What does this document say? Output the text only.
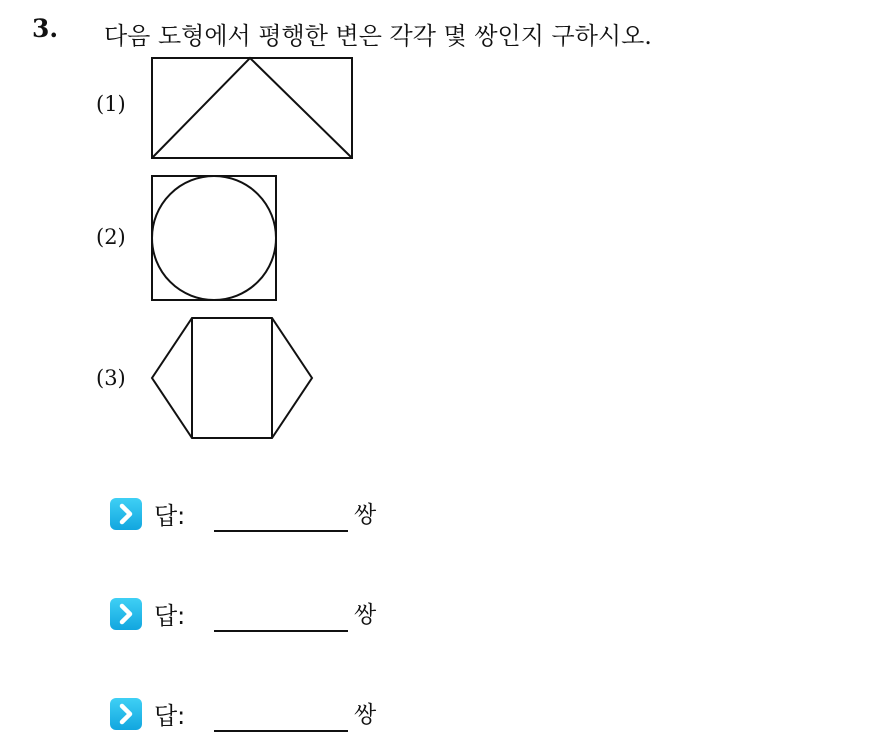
3. 다음 도형에서 평행한 변은 각각 몇 쌍인지 구하시오.
(1)
(2)
(3)
답:	쌍
답:	쌍
답:	쌍
